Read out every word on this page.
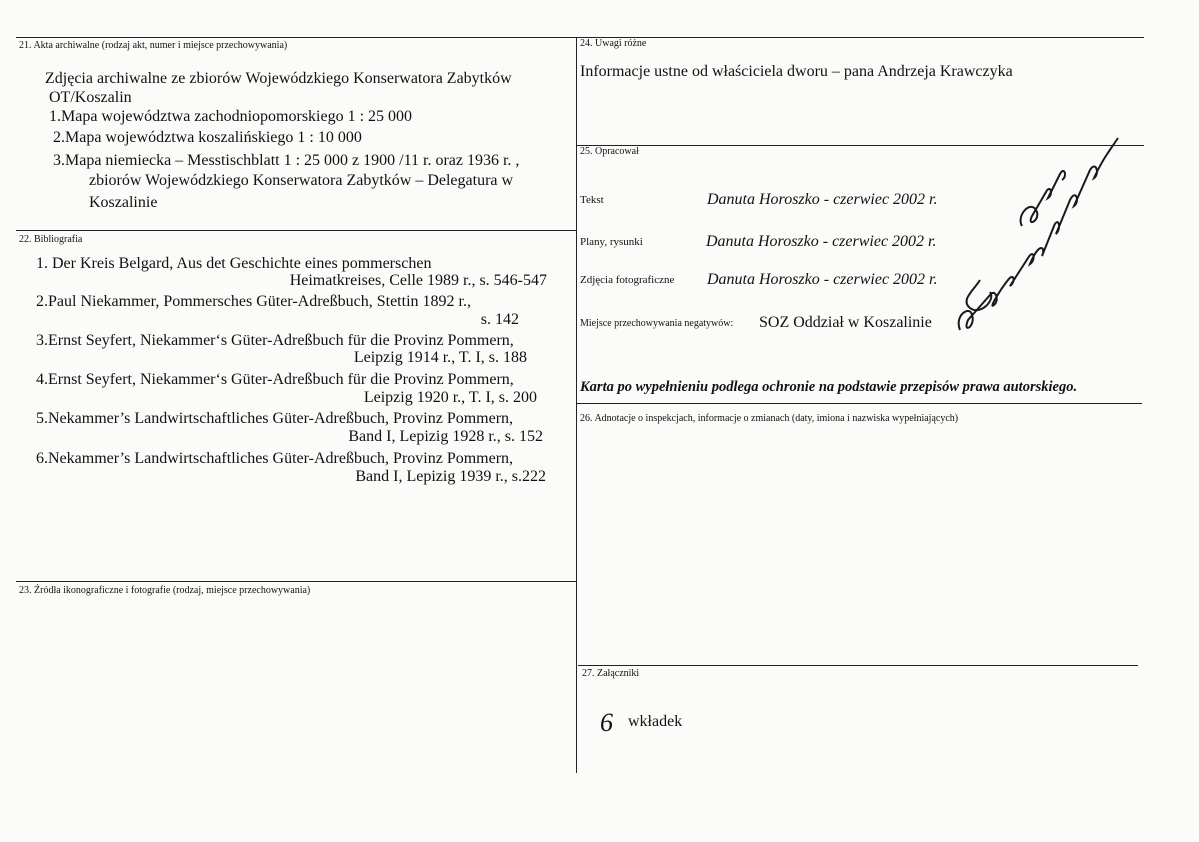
21. Akta archiwalne (rodzaj akt, numer i miejsce przechowywania)
Zdjęcia archiwalne ze zbiorów Wojewódzkiego Konserwatora Zabytków
OT/Koszalin
1.Mapa województwa zachodniopomorskiego 1 : 25 000
2.Mapa województwa koszalińskiego 1 : 10 000
3.Mapa niemiecka – Messtischblatt 1 : 25 000 z 1900 /11 r. oraz 1936 r. ,
zbiorów Wojewódzkiego Konserwatora Zabytków – Delegatura w
Koszalinie
22. Bibliografia
1. Der Kreis Belgard, Aus det Geschichte eines pommerschen
Heimatkreises, Celle 1989 r., s. 546-547
2.Paul Niekammer, Pommersches Güter-Adreßbuch, Stettin 1892 r.,
s. 142
3.Ernst Seyfert, Niekammer‘s Güter-Adreßbuch für die Provinz Pommern,
Leipzig 1914 r., T. I, s. 188
4.Ernst Seyfert, Niekammer‘s Güter-Adreßbuch für die Provinz Pommern,
Leipzig 1920 r., T. I, s. 200
5.Nekammer’s Landwirtschaftliches Güter-Adreßbuch, Provinz Pommern,
Band I, Lepizig 1928 r., s. 152
6.Nekammer’s Landwirtschaftliches Güter-Adreßbuch, Provinz Pommern,
Band I, Lepizig 1939 r., s.222
23. Źródła ikonograficzne i fotografie (rodzaj, miejsce przechowywania)
24. Uwagi różne
Informacje ustne od właściciela dworu – pana Andrzeja Krawczyka
25. Opracował
Tekst	Danuta Horoszko - czerwiec 2002 r.
Plany, rysunki	Danuta Horoszko - czerwiec 2002 r.
Zdjęcia fotograficzne Danuta Horoszko - czerwiec 2002 r.
Miejsce przechowywania negatywów: SOZ Oddział w Koszalinie
Karta po wypełnieniu podlega ochronie na podstawie przepisów prawa autorskiego.
26. Adnotacje o inspekcjach, informacje o zmianach (daty, imiona i nazwiska wypełniających)
27. Załączniki
6 wkładek
